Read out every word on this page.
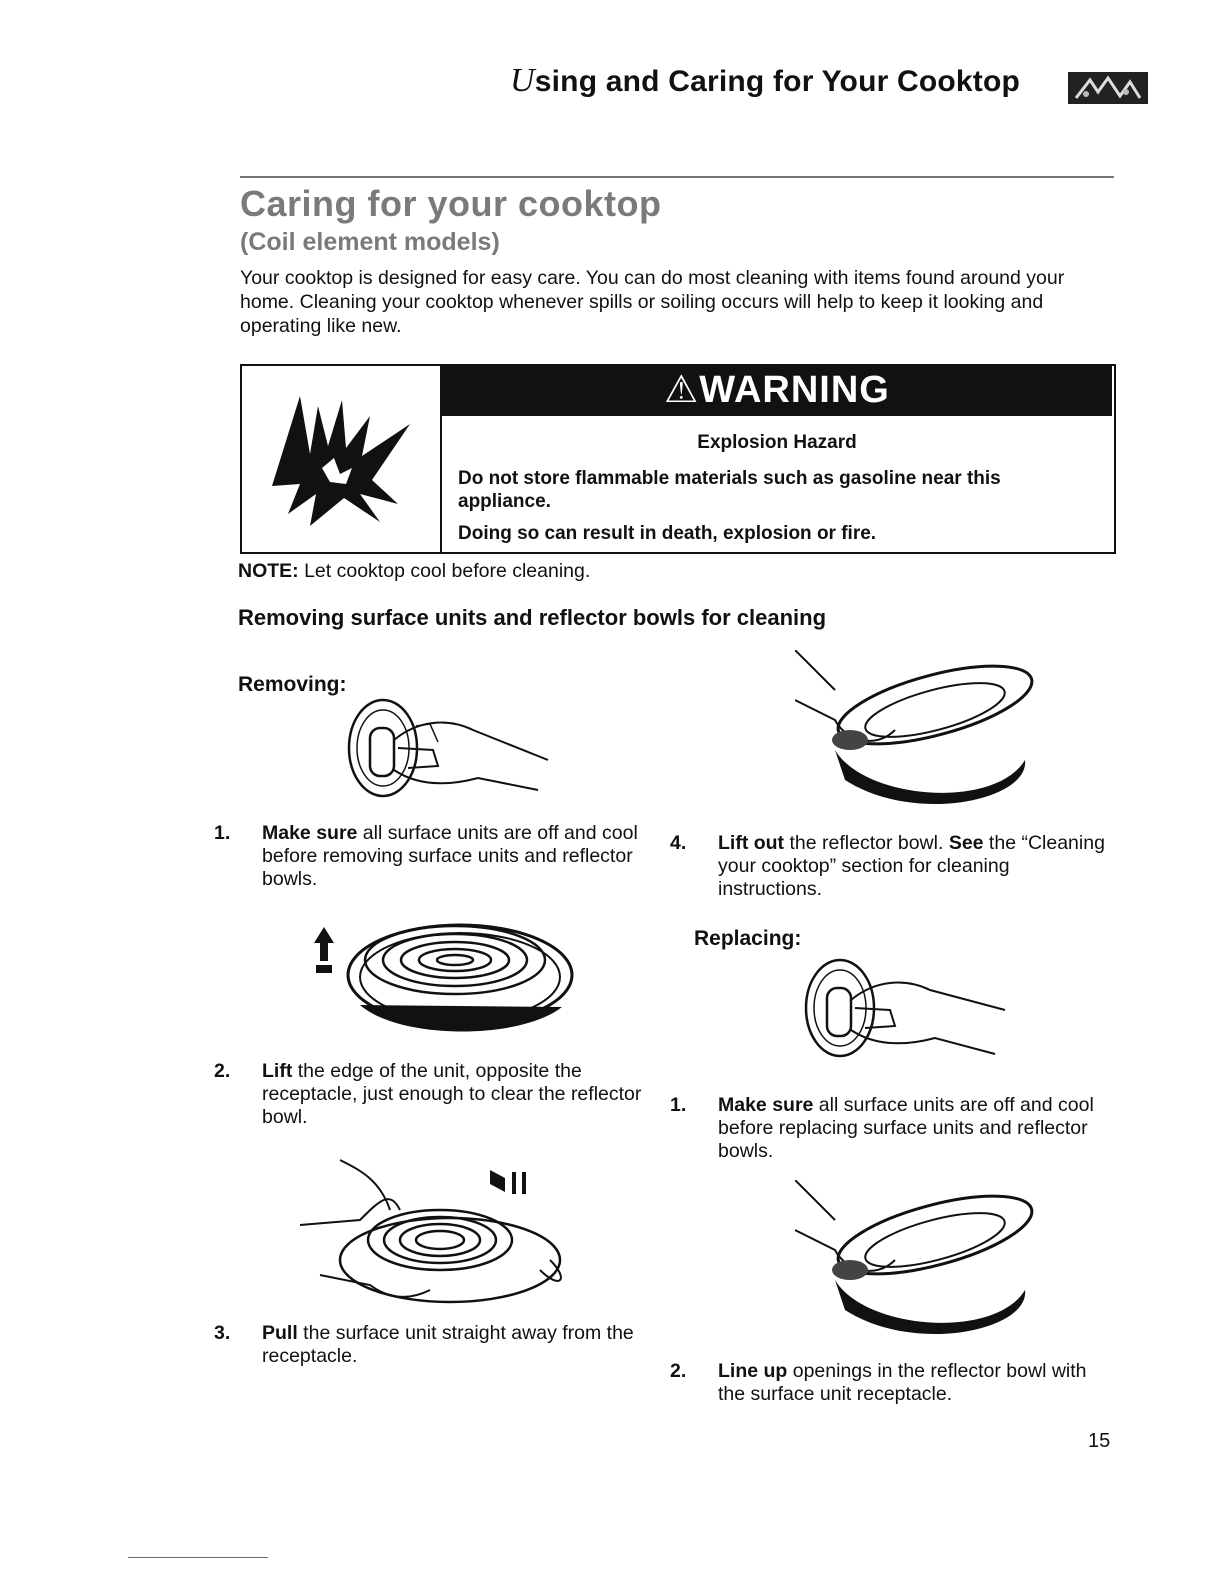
Using and Caring for Your Cooktop
Caring for your cooktop
(Coil element models)
Your cooktop is designed for easy care. You can do most cleaning with items found around your home. Cleaning your cooktop whenever spills or soiling occurs will help to keep it looking and operating like new.
⚠WARNING
Explosion Hazard
Do not store flammable materials such as gasoline near this appliance.
Doing so can result in death, explosion or fire.
NOTE: Let cooktop cool before cleaning.
Removing surface units and reflector bowls for cleaning
Removing:
1. Make sure all surface units are off and cool before removing surface units and reflector bowls.
2. Lift the edge of the unit, opposite the receptacle, just enough to clear the reflector bowl.
3. Pull the surface unit straight away from the receptacle.
4. Lift out the reflector bowl. See the “Cleaning your cooktop” section for cleaning instructions.
Replacing:
1. Make sure all surface units are off and cool before replacing surface units and reflector bowls.
2. Line up openings in the reflector bowl with the surface unit receptacle.
15
